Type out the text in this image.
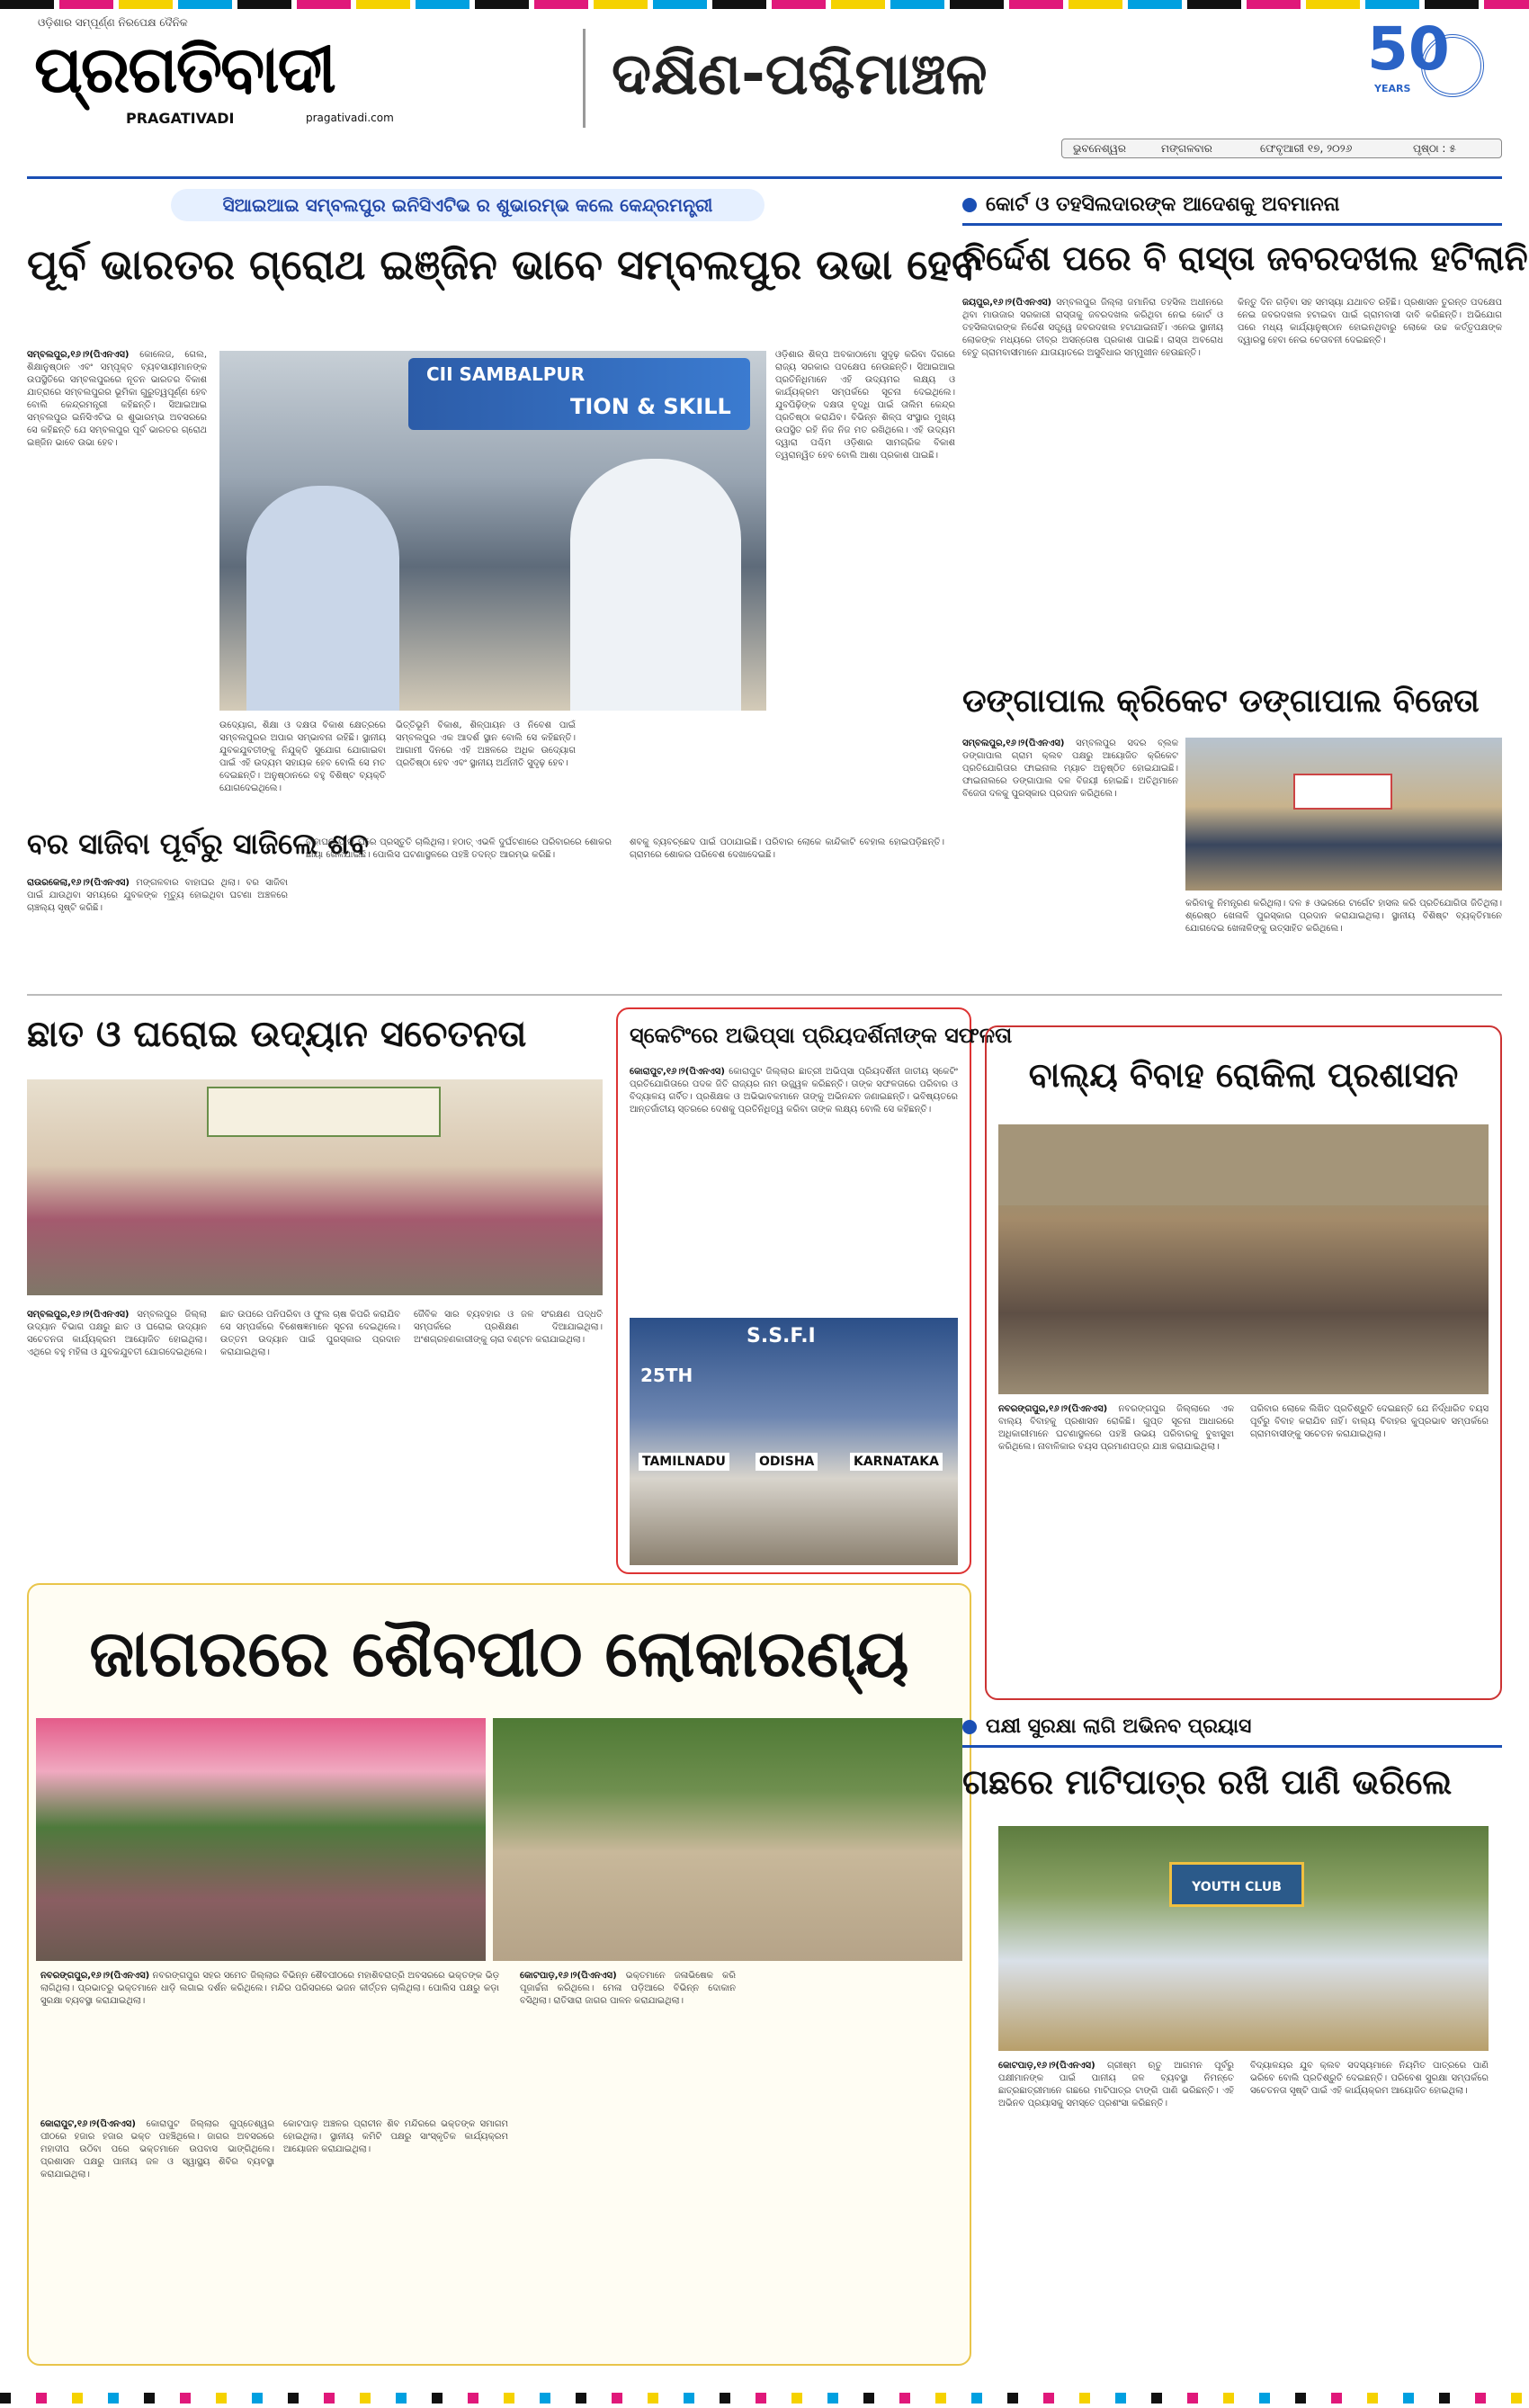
ଓଡ଼ିଶାର ସମ୍ପୂର୍ଣ୍ଣ ନିରପେକ୍ଷ ଦୈନିକ
ପ୍ରଗତିବାଦୀ
PRAGATIVADI	pragativadi.com
ଦକ୍ଷିଣ-ପଶ୍ଚିମାଞ୍ଚଳ	50
YEARS
ଭୁବନେଶ୍ୱର	ମଙ୍ଗଳବାର	ଫେବୃଆରୀ ୧୭, ୨୦୨୬	ପୃଷ୍ଠା : ୫
ସିଆଇଆଇ ସମ୍ବଲପୁର ଇନିସିଏଟିଭ ର ଶୁଭାରମ୍ଭ କଲେ କେନ୍ଦ୍ରମନ୍ତ୍ରୀ
ପୂର୍ବ ଭାରତର ଗ୍ରୋଥ ଇଞ୍ଜିନ ଭାବେ ସମ୍ବଲପୁର ଉଭା ହେବ
CII SAMBALPUR
TION & SKILL
ସମ୍ବଲପୁର,୧୬।୨(ପିଏନଏସ) କୋଲେଜ, ଗେଲ, ଶିକ୍ଷାନୁଷ୍ଠାନ ଏବଂ ସମ୍ପୃକ୍ତ ବ୍ୟବସାୟୀମାନଙ୍କ ଉପସ୍ଥିତିରେ ସମ୍ବଲପୁରରେ ନୂତନ ଭାରତର ବିକାଶ ଯାତ୍ରାରେ ସମ୍ବଲପୁରର ଭୂମିକା ଗୁରୁତ୍ୱପୂର୍ଣ୍ଣ ହେବ ବୋଲି କେନ୍ଦ୍ରମନ୍ତ୍ରୀ କହିଛନ୍ତି। ସିଆଇଆଇ ସମ୍ବଲପୁର ଇନିସିଏଟିଭ ର ଶୁଭାରମ୍ଭ ଅବସରରେ ସେ କହିଛନ୍ତି ଯେ ସମ୍ବଲପୁର ପୂର୍ବ ଭାରତର ଗ୍ରୋଥ ଇଞ୍ଜିନ ଭାବେ ଉଭା ହେବ।
ଉଦ୍ୟୋଗ, ଶିକ୍ଷା ଓ ଦକ୍ଷତା ବିକାଶ କ୍ଷେତ୍ରରେ ସମ୍ବଲପୁରର ଅପାର ସମ୍ଭାବନା ରହିଛି। ସ୍ଥାନୀୟ ଯୁବକଯୁବତୀଙ୍କୁ ନିଯୁକ୍ତି ସୁଯୋଗ ଯୋଗାଇବା ପାଇଁ ଏହି ଉଦ୍ୟମ ସହାୟକ ହେବ ବୋଲି ସେ ମତ ଦେଇଛନ୍ତି। ଅନୁଷ୍ଠାନରେ ବହୁ ବିଶିଷ୍ଟ ବ୍ୟକ୍ତି ଯୋଗଦେଇଥିଲେ।
ଭିତ୍ତିଭୂମି ବିକାଶ, ଶିଳ୍ପାୟନ ଓ ନିବେଶ ପାଇଁ ସମ୍ବଲପୁର ଏକ ଆଦର୍ଶ ସ୍ଥାନ ବୋଲି ସେ କହିଛନ୍ତି। ଆଗାମୀ ଦିନରେ ଏହି ଅଞ୍ଚଳରେ ଅଧିକ ଉଦ୍ୟୋଗ ପ୍ରତିଷ୍ଠା ହେବ ଏବଂ ସ୍ଥାନୀୟ ଅର୍ଥନୀତି ସୁଦୃଢ଼ ହେବ।
ଓଡ଼ିଶାର ଶିଳ୍ପ ଅବକାଠାମୋ ସୁଦୃଢ଼ କରିବା ଦିଗରେ ରାଜ୍ୟ ସରକାର ପଦକ୍ଷେପ ନେଉଛନ୍ତି। ସିଆଇଆଇ ପ୍ରତିନିଧିମାନେ ଏହି ଉଦ୍ୟମର ଲକ୍ଷ୍ୟ ଓ କାର୍ଯ୍ୟକ୍ରମ ସମ୍ପର୍କରେ ସୂଚନା ଦେଇଥିଲେ। ଯୁବପିଢ଼ିଙ୍କ ଦକ୍ଷତା ବୃଦ୍ଧି ପାଇଁ ତାଲିମ କେନ୍ଦ୍ର ପ୍ରତିଷ୍ଠା କରାଯିବ। ବିଭିନ୍ନ ଶିଳ୍ପ ସଂସ୍ଥାର ମୁଖ୍ୟ ଉପସ୍ଥିତ ରହି ନିଜ ନିଜ ମତ ରଖିଥିଲେ। ଏହି ଉଦ୍ୟମ ଦ୍ୱାରା ପଶ୍ଚିମ ଓଡ଼ିଶାର ସାମଗ୍ରିକ ବିକାଶ ତ୍ୱରାନ୍ୱିତ ହେବ ବୋଲି ଆଶା ପ୍ରକାଶ ପାଇଛି।
କୋର୍ଟ ଓ ତହସିଲଦାରଙ୍କ ଆଦେଶକୁ ଅବମାନନା
ନିର୍ଦ୍ଦେଶ ପରେ ବି ରାସ୍ତା ଜବରଦଖଲ ହଟିଲାନି
ଜୟପୁର,୧୬।୨(ପିଏନଏସ) ସମ୍ବଲପୁର ଜିଲ୍ଲା ଜମାନିରା ତହସିଲ ଅଧୀନରେ ଥିବା ମାଉଜାର ସରକାରୀ ରାସ୍ତାକୁ ଜବରଦଖଲ କରିଥିବା ନେଇ କୋର୍ଟ ଓ ତହସିଲଦାରଙ୍କ ନିର୍ଦ୍ଦେଶ ସତ୍ତ୍ୱେ ଜବରଦଖଲ ହଟାଯାଇନାହିଁ। ଏନେଇ ସ୍ଥାନୀୟ ଲୋକଙ୍କ ମଧ୍ୟରେ ତୀବ୍ର ଅସନ୍ତୋଷ ପ୍ରକାଶ ପାଇଛି। ରାସ୍ତା ଅବରୋଧ ହେତୁ ଗ୍ରାମବାସୀମାନେ ଯାତାୟାତରେ ଅସୁବିଧାର ସମ୍ମୁଖୀନ ହେଉଛନ୍ତି।
କିନ୍ତୁ ଦିନ ଗଡ଼ିବା ସହ ସମସ୍ୟା ଯଥାବତ ରହିଛି। ପ୍ରଶାସନ ତୁରନ୍ତ ପଦକ୍ଷେପ ନେଇ ଜବରଦଖଲ ହଟାଇବା ପାଇଁ ଗ୍ରାମବାସୀ ଦାବି କରିଛନ୍ତି। ଅଭିଯୋଗ ପରେ ମଧ୍ୟ କାର୍ଯ୍ୟାନୁଷ୍ଠାନ ହୋଇନଥିବାରୁ ଲୋକେ ଉଚ୍ଚ କର୍ତ୍ତୃପକ୍ଷଙ୍କ ଦ୍ୱାରସ୍ଥ ହେବା ନେଇ ଚେତାବନୀ ଦେଇଛନ୍ତି।
ଡଙ୍ଗାପାଲ କ୍ରିକେଟ ଡଙ୍ଗାପାଲ ବିଜେତା
ସମ୍ବଲପୁର,୧୬।୨(ପିଏନଏସ) ସମ୍ବଲପୁର ସଦର ବ୍ଲକ ଡଙ୍ଗାପାଲ ଗ୍ରାମ କ୍ଲବ ପକ୍ଷରୁ ଆୟୋଜିତ କ୍ରିକେଟ ପ୍ରତିଯୋଗିତାର ଫାଇନାଲ ମ୍ୟାଚ ଅନୁଷ୍ଠିତ ହୋଇଯାଇଛି। ଫାଇନାଲରେ ଡଙ୍ଗାପାଲ ଦଳ ବିଜୟୀ ହୋଇଛି। ଅତିଥିମାନେ ବିଜେତା ଦଳକୁ ପୁରସ୍କାର ପ୍ରଦାନ କରିଥିଲେ।
କରିବାକୁ ନିମନ୍ତ୍ରଣ କରିଥିଲା। ଦଳ ୫ ଓଭରରେ ଟାର୍ଗେଟ ହାସଲ କରି ପ୍ରତିଯୋଗିତା ଜିତିଥିଲା। ଶ୍ରେଷ୍ଠ ଖେଳାଳି ପୁରସ୍କାର ପ୍ରଦାନ କରାଯାଇଥିଲା। ସ୍ଥାନୀୟ ବିଶିଷ୍ଟ ବ୍ୟକ୍ତିମାନେ ଯୋଗଦେଇ ଖେଳାଳିଙ୍କୁ ଉତ୍ସାହିତ କରିଥିଲେ।
ବର ସାଜିବା ପୂର୍ବରୁ ସାଜିଲେ ଶବ
ରାଉରକେଲା,୧୬।୨(ପିଏନଏସ) ମଙ୍ଗଳବାର ବାହାଘର ଥିଲା। ବର ସାଜିବା ପାଇଁ ଯାଉଥିବା ସମୟରେ ଯୁବକଙ୍କ ମୃତ୍ୟୁ ହୋଇଥିବା ଘଟଣା ଅଞ୍ଚଳରେ ଚାଞ୍ଚଲ୍ୟ ସୃଷ୍ଟି କରିଛି।
ବାହାଘର ପାଇଁ ଘରେ ପ୍ରସ୍ତୁତି ଚାଲିଥିଲା। ହଠାତ୍ ଏଭଳି ଦୁର୍ଘଟଣାରେ ପରିବାରରେ ଶୋକର ଛାୟା ଖେଳିଯାଇଛି। ପୋଲିସ ଘଟଣାସ୍ଥଳରେ ପହଞ୍ଚି ତଦନ୍ତ ଆରମ୍ଭ କରିଛି।
ଶବକୁ ବ୍ୟବଚ୍ଛେଦ ପାଇଁ ପଠାଯାଇଛି। ପରିବାର ଲୋକେ କାନ୍ଦିକାଟି ବେହାଲ ହୋଇପଡ଼ିଛନ୍ତି। ଗ୍ରାମରେ ଶୋକର ପରିବେଶ ଦେଖାଦେଇଛି।
ଛାତ ଓ ଘରୋଇ ଉଦ୍ୟାନ ସଚେତନତା
ସମ୍ବଲପୁର,୧୬।୨(ପିଏନଏସ) ସମ୍ବଲପୁର ଜିଲ୍ଲା ଉଦ୍ୟାନ ବିଭାଗ ପକ୍ଷରୁ ଛାତ ଓ ଘରୋଇ ଉଦ୍ୟାନ ସଚେତନତା କାର୍ଯ୍ୟକ୍ରମ ଆୟୋଜିତ ହୋଇଥିଲା। ଏଥିରେ ବହୁ ମହିଳା ଓ ଯୁବକଯୁବତୀ ଯୋଗଦେଇଥିଲେ।
ଛାତ ଉପରେ ପନିପରିବା ଓ ଫୁଲ ଚାଷ କିପରି କରାଯିବ ସେ ସମ୍ପର୍କରେ ବିଶେଷଜ୍ଞମାନେ ସୂଚନା ଦେଇଥିଲେ। ଉତ୍ତମ ଉଦ୍ୟାନ ପାଇଁ ପୁରସ୍କାର ପ୍ରଦାନ କରାଯାଇଥିଲା।
ଜୈବିକ ସାର ବ୍ୟବହାର ଓ ଜଳ ସଂରକ୍ଷଣ ପଦ୍ଧତି ସମ୍ପର୍କରେ ପ୍ରଶିକ୍ଷଣ ଦିଆଯାଇଥିଲା। ଅଂଶଗ୍ରହଣକାରୀଙ୍କୁ ଚାରା ବଣ୍ଟନ କରାଯାଇଥିଲା।
ସ୍କେଟିଂରେ ଅଭିପ୍ସା ପ୍ରିୟଦର୍ଶିନୀଙ୍କ ସଫଳତା
କୋରାପୁଟ,୧୬।୨(ପିଏନଏସ) କୋରାପୁଟ ଜିଲ୍ଲାର ଛାତ୍ରୀ ଅଭିପ୍ସା ପ୍ରିୟଦର୍ଶିନୀ ଜାତୀୟ ସ୍କେଟିଂ ପ୍ରତିଯୋଗିତାରେ ପଦକ ଜିତି ରାଜ୍ୟର ନାମ ଉଜ୍ଜ୍ୱଳ କରିଛନ୍ତି। ତାଙ୍କ ସଫଳତାରେ ପରିବାର ଓ ବିଦ୍ୟାଳୟ ଗର୍ବିତ। ପ୍ରଶିକ୍ଷକ ଓ ଅଭିଭାବକମାନେ ତାଙ୍କୁ ଅଭିନନ୍ଦନ ଜଣାଇଛନ୍ତି। ଭବିଷ୍ୟତରେ ଆନ୍ତର୍ଜାତୀୟ ସ୍ତରରେ ଦେଶକୁ ପ୍ରତିନିଧିତ୍ୱ କରିବା ତାଙ୍କ ଲକ୍ଷ୍ୟ ବୋଲି ସେ କହିଛନ୍ତି।
S.S.F.I
25TH
TAMILNADU	ODISHA	KARNATAKA
ବାଲ୍ୟ ବିବାହ ରୋକିଲା ପ୍ରଶାସନ
ନବରଙ୍ଗପୁର,୧୬।୨(ପିଏନଏସ) ନବରଙ୍ଗପୁର ଜିଲ୍ଲାରେ ଏକ ବାଲ୍ୟ ବିବାହକୁ ପ୍ରଶାସନ ରୋକିଛି। ଗୁପ୍ତ ସୂଚନା ଆଧାରରେ ଅଧିକାରୀମାନେ ଘଟଣାସ୍ଥଳରେ ପହଞ୍ଚି ଉଭୟ ପରିବାରକୁ ବୁଝାସୁଝା କରିଥିଲେ। ନାବାଳିକାର ବୟସ ପ୍ରମାଣପତ୍ର ଯାଞ୍ଚ କରାଯାଇଥିଲା।
ପରିବାର ଲୋକେ ଲିଖିତ ପ୍ରତିଶ୍ରୁତି ଦେଇଛନ୍ତି ଯେ ନିର୍ଦ୍ଧାରିତ ବୟସ ପୂର୍ବରୁ ବିବାହ କରାଯିବ ନାହିଁ। ବାଲ୍ୟ ବିବାହର କୁପ୍ରଭାବ ସମ୍ପର୍କରେ ଗ୍ରାମବାସୀଙ୍କୁ ସଚେତନ କରାଯାଇଥିଲା।
ଜାଗରରେ ଶୈବପୀଠ ଲୋକାରଣ୍ୟ
ନବରଙ୍ଗପୁର,୧୬।୨(ପିଏନଏସ) ନବରଙ୍ଗପୁର ସହର ସମେତ ଜିଲ୍ଲାର ବିଭିନ୍ନ ଶୈବପୀଠରେ ମହାଶିବରାତ୍ରି ଅବସରରେ ଭକ୍ତଙ୍କ ଭିଡ଼ ଲାଗିଥିଲା। ପ୍ରଭାତରୁ ଭକ୍ତମାନେ ଧାଡ଼ି ଲଗାଇ ଦର୍ଶନ କରିଥିଲେ। ମନ୍ଦିର ପରିସରରେ ଭଜନ କୀର୍ତ୍ତନ ଚାଲିଥିଲା। ପୋଲିସ ପକ୍ଷରୁ କଡ଼ା ସୁରକ୍ଷା ବ୍ୟବସ୍ଥା କରାଯାଇଥିଲା।
କୋରାପୁଟ,୧୬।୨(ପିଏନଏସ) କୋରାପୁଟ ଜିଲ୍ଲାର ଗୁପ୍ତେଶ୍ୱର ପୀଠରେ ହଜାର ହଜାର ଭକ୍ତ ପହଞ୍ଚିଥିଲେ। ଜାଗର ଅବସରରେ ମହାଦୀପ ଉଠିବା ପରେ ଭକ୍ତମାନେ ଉପବାସ ଭାଙ୍ଗିଥିଲେ। ପ୍ରଶାସନ ପକ୍ଷରୁ ପାନୀୟ ଜଳ ଓ ସ୍ୱାସ୍ଥ୍ୟ ଶିବିର ବ୍ୟବସ୍ଥା କରାଯାଇଥିଲା।
କୋଟପାଡ଼ ଅଞ୍ଚଳର ପ୍ରାଚୀନ ଶିବ ମନ୍ଦିରରେ ଭକ୍ତଙ୍କ ସମାଗମ ହୋଇଥିଲା। ସ୍ଥାନୀୟ କମିଟି ପକ୍ଷରୁ ସାଂସ୍କୃତିକ କାର୍ଯ୍ୟକ୍ରମ ଆୟୋଜନ କରାଯାଇଥିଲା।
କୋଟପାଡ଼,୧୬।୨(ପିଏନଏସ) ଭକ୍ତମାନେ ଜଳାଭିଷେକ କରି ପୂଜାର୍ଚ୍ଚନା କରିଥିଲେ। ମେଳା ପଡ଼ିଆରେ ବିଭିନ୍ନ ଦୋକାନ ବସିଥିଲା। ରାତିସାରା ଜାଗର ପାଳନ କରାଯାଇଥିଲା।
ପକ୍ଷୀ ସୁରକ୍ଷା ଲାଗି ଅଭିନବ ପ୍ରୟାସ
ଗଛରେ ମାଟିପାତ୍ର ରଖି ପାଣି ଭରିଲେ
YOUTH CLUB
କୋଟପାଡ଼,୧୬।୨(ପିଏନଏସ) ଗ୍ରୀଷ୍ମ ଋତୁ ଆଗମନ ପୂର୍ବରୁ ପକ୍ଷୀମାନଙ୍କ ପାଇଁ ପାନୀୟ ଜଳ ବ୍ୟବସ୍ଥା ନିମନ୍ତେ ଛାତ୍ରଛାତ୍ରୀମାନେ ଗଛରେ ମାଟିପାତ୍ର ଟାଙ୍ଗି ପାଣି ଭରିଛନ୍ତି। ଏହି ଅଭିନବ ପ୍ରୟାସକୁ ସମସ୍ତେ ପ୍ରଶଂସା କରିଛନ୍ତି।
ବିଦ୍ୟାଳୟର ଯୁବ କ୍ଲବ ସଦସ୍ୟମାନେ ନିୟମିତ ପାତ୍ରରେ ପାଣି ଭରିବେ ବୋଲି ପ୍ରତିଶ୍ରୁତି ଦେଇଛନ୍ତି। ପରିବେଶ ସୁରକ୍ଷା ସମ୍ପର୍କରେ ସଚେତନତା ସୃଷ୍ଟି ପାଇଁ ଏହି କାର୍ଯ୍ୟକ୍ରମ ଆୟୋଜିତ ହୋଇଥିଲା।
